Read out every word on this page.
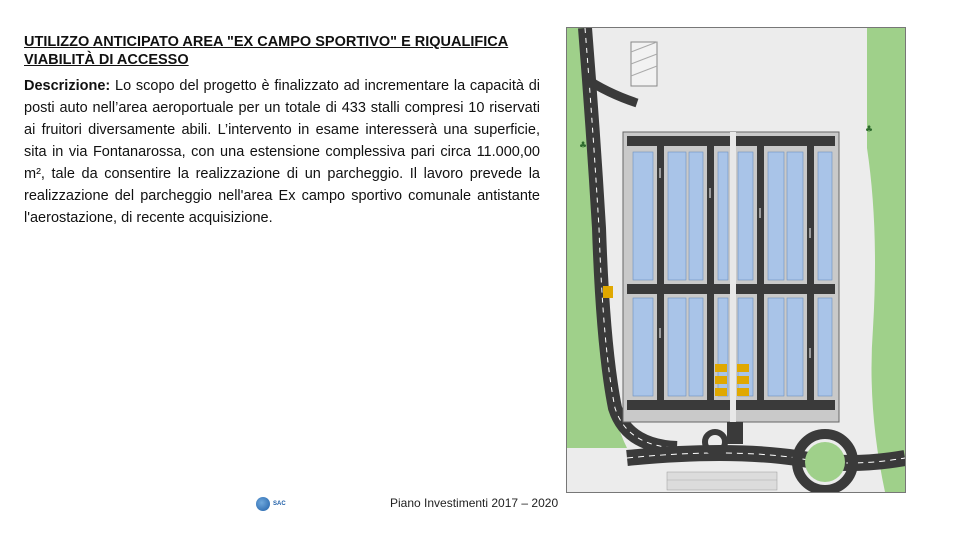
UTILIZZO ANTICIPATO AREA "EX CAMPO SPORTIVO" E RIQUALIFICA VIABILITÀ DI ACCESSO

Descrizione: Lo scopo del progetto è finalizzato ad incrementare la capacità di posti auto nell’area aeroportuale per un totale di 433 stalli compresi 10 riservati ai fruitori diversamente abili. L’intervento in esame interesserà una superficie, sita in via Fontanarossa, con una estensione complessiva pari circa 11.000,00 m², tale da consentire la realizzazione di un parcheggio. Il lavoro prevede la realizzazione del parcheggio nell'area Ex campo sportivo comunale antistante l'aerostazione, di recente acquisizione.

SAC	Piano Investimenti 2017 – 2020
♣
♣
